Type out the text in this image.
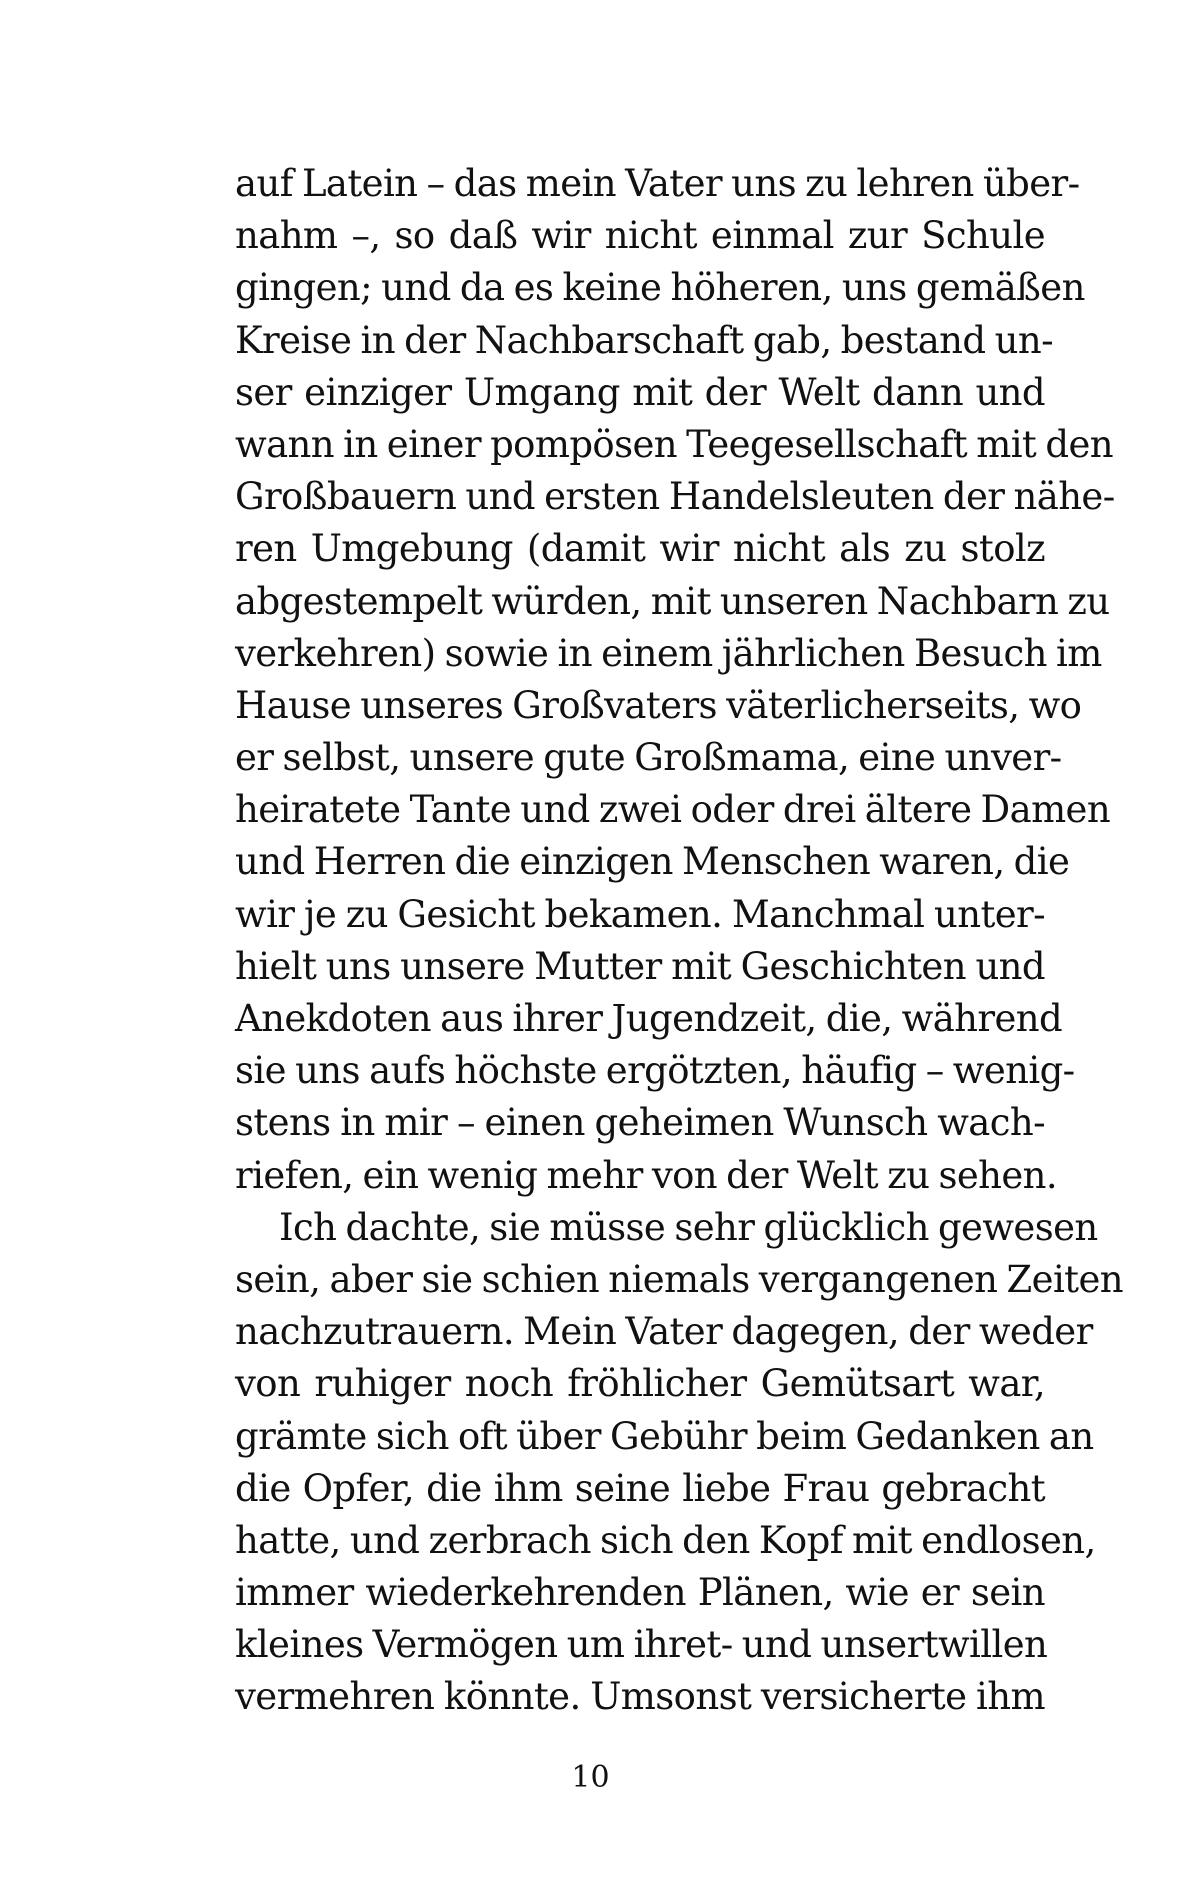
auf Latein – das mein Vater uns zu lehren über-
nahm –, so daß wir nicht einmal zur Schule
gingen; und da es keine höheren, uns gemäßen
Kreise in der Nachbarschaft gab, bestand un-
ser einziger Umgang mit der Welt dann und
wann in einer pompösen Teegesellschaft mit den
Großbauern und ersten Handelsleuten der nähe-
ren Umgebung (damit wir nicht als zu stolz
abgestempelt würden, mit unseren Nachbarn zu
verkehren) sowie in einem jährlichen Besuch im
Hause unseres Großvaters väterlicherseits, wo
er selbst, unsere gute Großmama, eine unver-
heiratete Tante und zwei oder drei ältere Damen
und Herren die einzigen Menschen waren, die
wir je zu Gesicht bekamen. Manchmal unter-
hielt uns unsere Mutter mit Geschichten und
Anekdoten aus ihrer Jugendzeit, die, während
sie uns aufs höchste ergötzten, häufig – wenig-
stens in mir – einen geheimen Wunsch wach-
riefen, ein wenig mehr von der Welt zu sehen.
Ich dachte, sie müsse sehr glücklich gewesen
sein, aber sie schien niemals vergangenen Zeiten
nachzutrauern. Mein Vater dagegen, der weder
von ruhiger noch fröhlicher Gemütsart war,
grämte sich oft über Gebühr beim Gedanken an
die Opfer, die ihm seine liebe Frau gebracht
hatte, und zerbrach sich den Kopf mit endlosen,
immer wiederkehrenden Plänen, wie er sein
kleines Vermögen um ihret- und unsertwillen
vermehren könnte. Umsonst versicherte ihm
10
